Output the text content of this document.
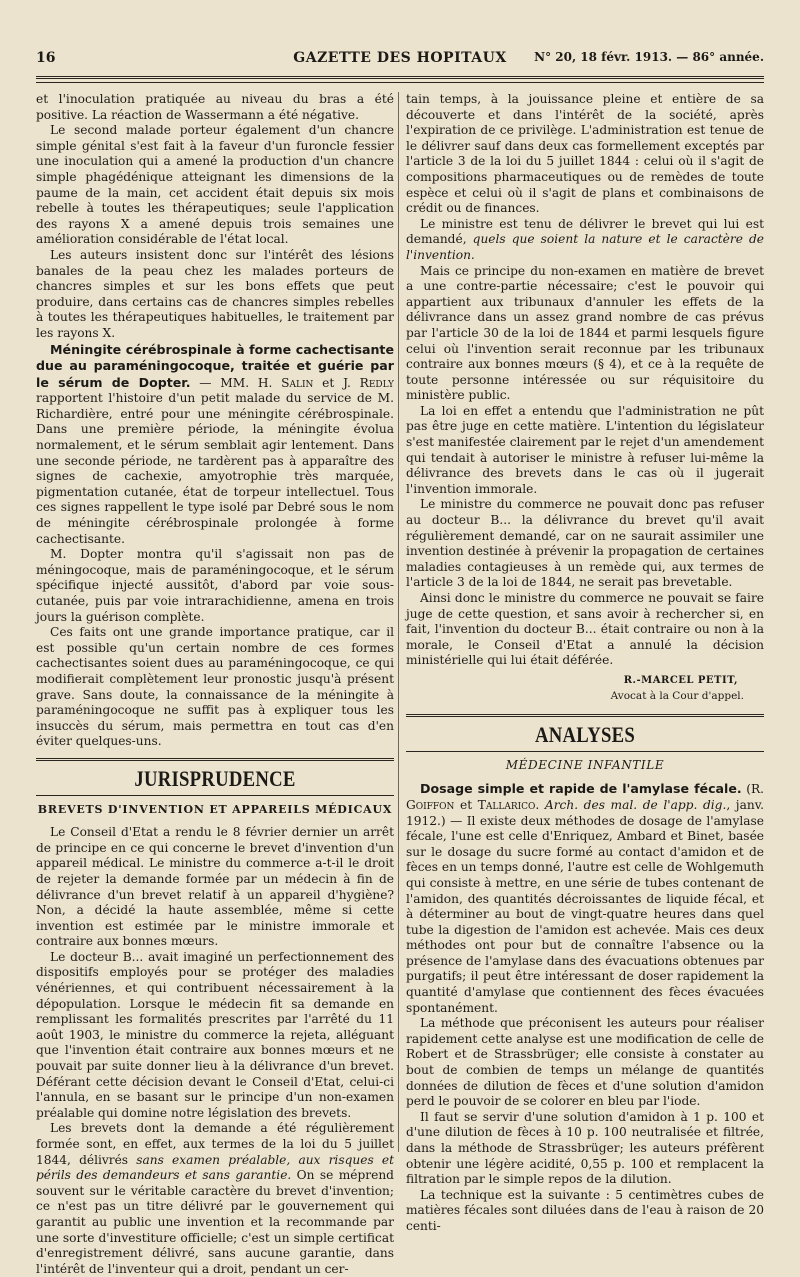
16	GAZETTE DES HOPITAUX	N° 20, 18 févr. 1913. — 86° année.

et l'inoculation pratiquée au niveau du bras a été positive. La réaction de Wassermann a été négative.

Le second malade porteur également d'un chancre simple génital s'est fait à la faveur d'un furoncle fessier une inoculation qui a amené la production d'un chancre simple phagédénique atteignant les dimensions de la paume de la main, cet accident était depuis six mois rebelle à toutes les thérapeutiques; seule l'application des rayons X a amené depuis trois semaines une amélioration considérable de l'état local.

Les auteurs insistent donc sur l'intérêt des lésions banales de la peau chez les malades porteurs de chancres simples et sur les bons effets que peut produire, dans certains cas de chancres simples rebelles à toutes les thérapeutiques habituelles, le traitement par les rayons X.

Méningite cérébrospinale à forme cachectisante due au paraméningocoque, traitée et guérie par le sérum de Dopter. — MM. H. Salin et J. Redly rapportent l'histoire d'un petit malade du service de M. Richardière, entré pour une méningite cérébrospinale. Dans une première période, la méningite évolua normalement, et le sérum semblait agir lentement. Dans une seconde période, ne tardèrent pas à apparaître des signes de cachexie, amyotrophie très marquée, pigmentation cutanée, état de torpeur intellectuel. Tous ces signes rappellent le type isolé par Debré sous le nom de méningite cérébrospinale prolongée à forme cachectisante.

M. Dopter montra qu'il s'agissait non pas de méningocoque, mais de paraméningocoque, et le sérum spécifique injecté aussitôt, d'abord par voie sous-cutanée, puis par voie intrarachidienne, amena en trois jours la guérison complète.

Ces faits ont une grande importance pratique, car il est possible qu'un certain nombre de ces formes cachectisantes soient dues au paraméningocoque, ce qui modifierait complètement leur pronostic jusqu'à présent grave. Sans doute, la connaissance de la méningite à paraméningocoque ne suffit pas à expliquer tous les insuccès du sérum, mais permettra en tout cas d'en éviter quelques-uns.

JURISPRUDENCE
BREVETS D'INVENTION ET APPAREILS MÉDICAUX

Le Conseil d'Etat a rendu le 8 février dernier un arrêt de principe en ce qui concerne le brevet d'invention d'un appareil médical. Le ministre du commerce a-t-il le droit de rejeter la demande formée par un médecin à fin de délivrance d'un brevet relatif à un appareil d'hygiène? Non, a décidé la haute assemblée, même si cette invention est estimée par le ministre immorale et contraire aux bonnes mœurs.

Le docteur B... avait imaginé un perfectionnement des dispositifs employés pour se protéger des maladies vénériennes, et qui contribuent nécessairement à la dépopulation. Lorsque le médecin fit sa demande en remplissant les formalités prescrites par l'arrêté du 11 août 1903, le ministre du commerce la rejeta, alléguant que l'invention était contraire aux bonnes mœurs et ne pouvait par suite donner lieu à la délivrance d'un brevet. Déférant cette décision devant le Conseil d'Etat, celui-ci l'annula, en se basant sur le principe d'un non-examen préalable qui domine notre législation des brevets.

Les brevets dont la demande a été régulièrement formée sont, en effet, aux termes de la loi du 5 juillet 1844, délivrés sans examen préalable, aux risques et périls des demandeurs et sans garantie. On se méprend souvent sur le véritable caractère du brevet d'invention; ce n'est pas un titre délivré par le gouvernement qui garantit au public une invention et la recommande par une sorte d'investiture officielle; c'est un simple certificat d'enregistrement délivré, sans aucune garantie, dans l'intérêt de l'inventeur qui a droit, pendant un cer-

tain temps, à la jouissance pleine et entière de sa découverte et dans l'intérêt de la société, après l'expiration de ce privilège. L'administration est tenue de le délivrer sauf dans deux cas formellement exceptés par l'article 3 de la loi du 5 juillet 1844 : celui où il s'agit de compositions pharmaceutiques ou de remèdes de toute espèce et celui où il s'agit de plans et combinaisons de crédit ou de finances.

Le ministre est tenu de délivrer le brevet qui lui est demandé, quels que soient la nature et le caractère de l'invention.

Mais ce principe du non-examen en matière de brevet a une contre-partie nécessaire; c'est le pouvoir qui appartient aux tribunaux d'annuler les effets de la délivrance dans un assez grand nombre de cas prévus par l'article 30 de la loi de 1844 et parmi lesquels figure celui où l'invention serait reconnue par les tribunaux contraire aux bonnes mœurs (§ 4), et ce à la requête de toute personne intéressée ou sur réquisitoire du ministère public.

La loi en effet a entendu que l'administration ne pût pas être juge en cette matière. L'intention du législateur s'est manifestée clairement par le rejet d'un amendement qui tendait à autoriser le ministre à refuser lui-même la délivrance des brevets dans le cas où il jugerait l'invention immorale.

Le ministre du commerce ne pouvait donc pas refuser au docteur B... la délivrance du brevet qu'il avait régulièrement demandé, car on ne saurait assimiler une invention destinée à prévenir la propagation de certaines maladies contagieuses à un remède qui, aux termes de l'article 3 de la loi de 1844, ne serait pas brevetable.

Ainsi donc le ministre du commerce ne pouvait se faire juge de cette question, et sans avoir à rechercher si, en fait, l'invention du docteur B... était contraire ou non à la morale, le Conseil d'Etat a annulé la décision ministérielle qui lui était déférée.

R.-MARCEL PETIT,
Avocat à la Cour d'appel.
ANALYSES
MÉDECINE INFANTILE

Dosage simple et rapide de l'amylase fécale. (R. Goiffon et Tallarico. Arch. des mal. de l'app. dig., janv. 1912.) — Il existe deux méthodes de dosage de l'amylase fécale, l'une est celle d'Enriquez, Ambard et Binet, basée sur le dosage du sucre formé au contact d'amidon et de fèces en un temps donné, l'autre est celle de Wohlgemuth qui consiste à mettre, en une série de tubes contenant de l'amidon, des quantités décroissantes de liquide fécal, et à déterminer au bout de vingt-quatre heures dans quel tube la digestion de l'amidon est achevée. Mais ces deux méthodes ont pour but de connaître l'absence ou la présence de l'amylase dans des évacuations obtenues par purgatifs; il peut être intéressant de doser rapidement la quantité d'amylase que contiennent des fèces évacuées spontanément.

La méthode que préconisent les auteurs pour réaliser rapidement cette analyse est une modification de celle de Robert et de Strassbrüger; elle consiste à constater au bout de combien de temps un mélange de quantités données de dilution de fèces et d'une solution d'amidon perd le pouvoir de se colorer en bleu par l'iode.

Il faut se servir d'une solution d'amidon à 1 p. 100 et d'une dilution de fèces à 10 p. 100 neutralisée et filtrée, dans la méthode de Strassbrüger; les auteurs préfèrent obtenir une légère acidité, 0,55 p. 100 et remplacent la filtration par le simple repos de la dilution.

La technique est la suivante : 5 centimètres cubes de matières fécales sont diluées dans de l'eau à raison de 20 centi-
